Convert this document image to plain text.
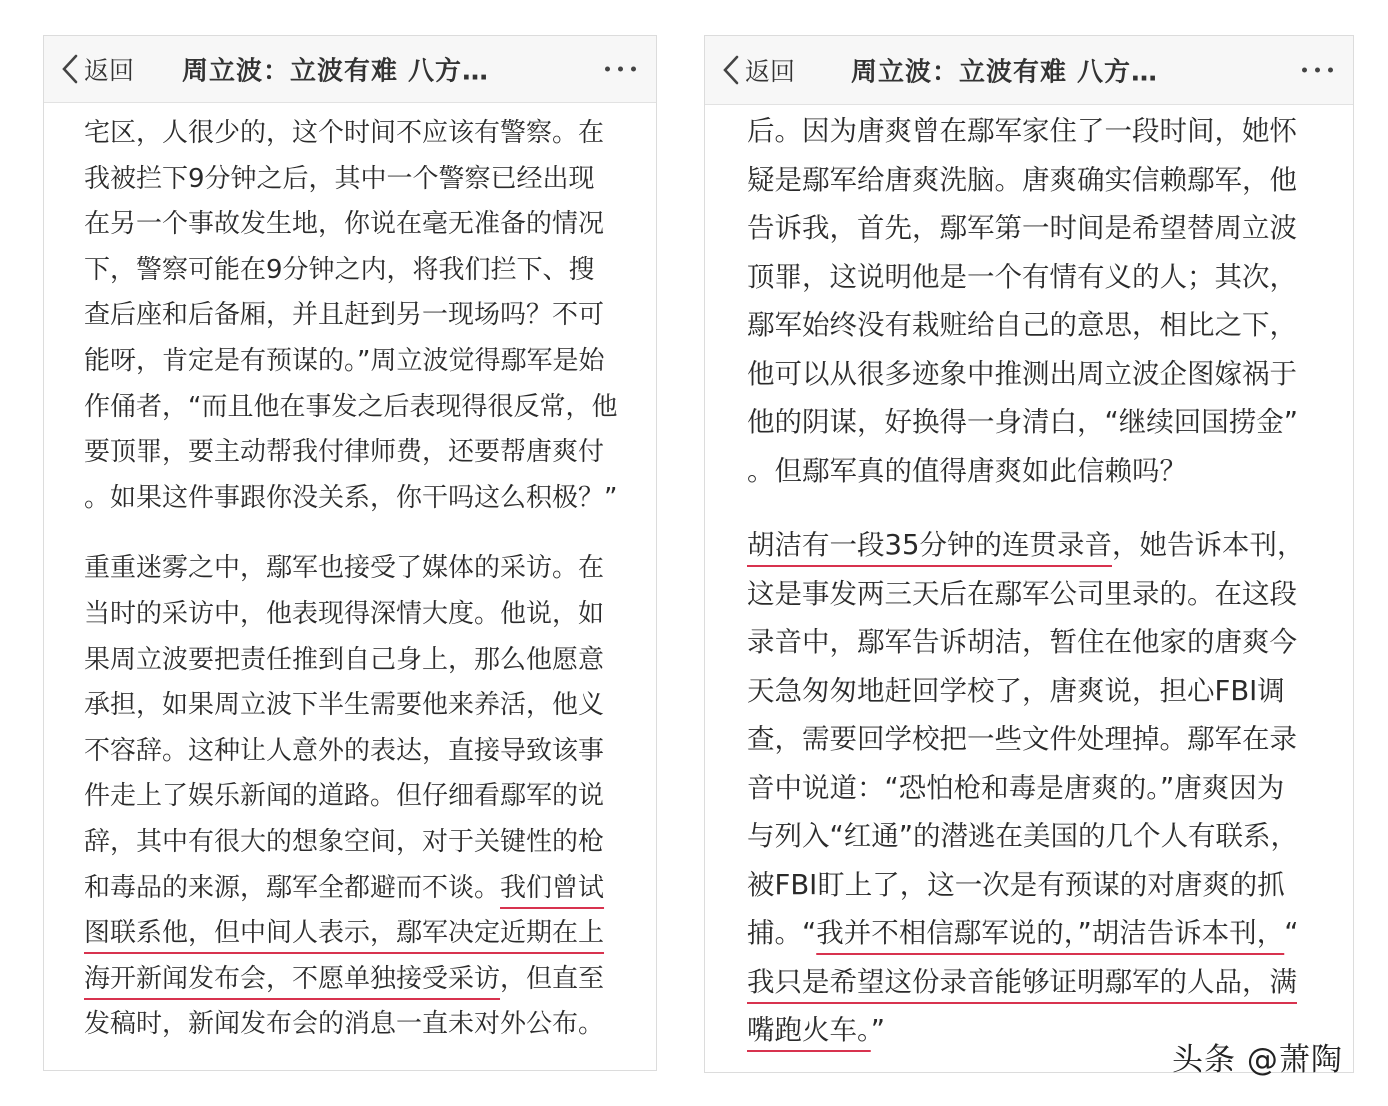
返回 周立波：立波有难 八方…
宅区，人很少的，这个时间不应该有警察。在
我被拦下9分钟之后，其中一个警察已经出现
在另一个事故发生地，你说在毫无准备的情况
下，警察可能在9分钟之内，将我们拦下、搜
查后座和后备厢，并且赶到另一现场吗？不可
能呀，肯定是有预谋的。”周立波觉得鄢军是始
作俑者，“而且他在事发之后表现得很反常，他
要顶罪，要主动帮我付律师费，还要帮唐爽付
。如果这件事跟你没关系，你干吗这么积极？”
重重迷雾之中，鄢军也接受了媒体的采访。在
当时的采访中，他表现得深情大度。他说，如
果周立波要把责任推到自己身上，那么他愿意
承担，如果周立波下半生需要他来养活，他义
不容辞。这种让人意外的表达，直接导致该事
件走上了娱乐新闻的道路。但仔细看鄢军的说
辞，其中有很大的想象空间，对于关键性的枪
和毒品的来源，鄢军全都避而不谈。我们曾试
图联系他，但中间人表示，鄢军决定近期在上
海开新闻发布会，不愿单独接受采访，但直至
发稿时，新闻发布会的消息一直未对外公布。
返回 周立波：立波有难 八方…
后。因为唐爽曾在鄢军家住了一段时间，她怀
疑是鄢军给唐爽洗脑。唐爽确实信赖鄢军，他
告诉我，首先，鄢军第一时间是希望替周立波
顶罪，这说明他是一个有情有义的人；其次，
鄢军始终没有栽赃给自己的意思，相比之下，
他可以从很多迹象中推测出周立波企图嫁祸于
他的阴谋，好换得一身清白，“继续回国捞金”
。但鄢军真的值得唐爽如此信赖吗？
胡洁有一段35分钟的连贯录音，她告诉本刊，
这是事发两三天后在鄢军公司里录的。在这段
录音中，鄢军告诉胡洁，暂住在他家的唐爽今
天急匆匆地赶回学校了，唐爽说，担心FBI调
查，需要回学校把一些文件处理掉。鄢军在录
音中说道：“恐怕枪和毒是唐爽的。”唐爽因为
与列入“红通”的潜逃在美国的几个人有联系，
被FBI盯上了，这一次是有预谋的对唐爽的抓
捕。“我并不相信鄢军说的，”胡洁告诉本刊，“
我只是希望这份录音能够证明鄢军的人品，满
嘴跑火车。”
头条 @萧陶
